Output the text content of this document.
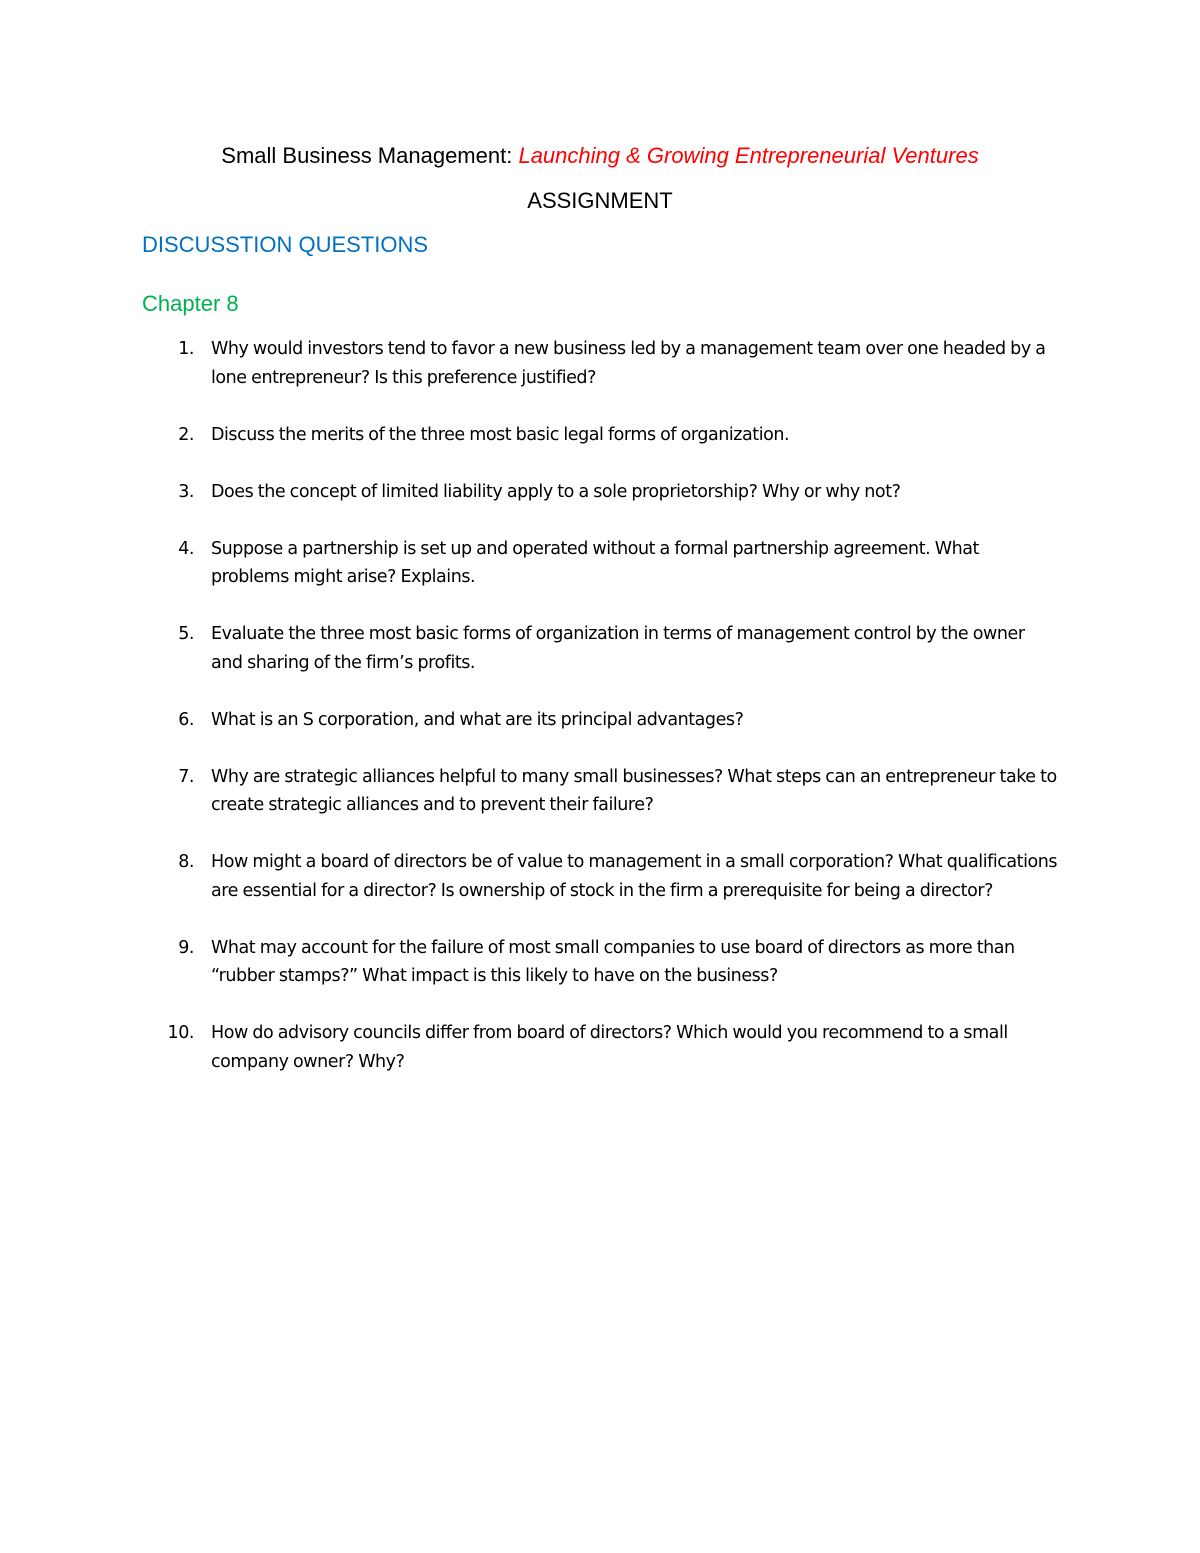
Small Business Management: Launching & Growing Entrepreneurial Ventures
ASSIGNMENT
DISCUSSTION QUESTIONS
Chapter 8
1. Why would investors tend to favor a new business led by a management team over one headed by a lone entrepreneur? Is this preference justified?
2. Discuss the merits of the three most basic legal forms of organization.
3. Does the concept of limited liability apply to a sole proprietorship? Why or why not?
4. Suppose a partnership is set up and operated without a formal partnership agreement. What problems might arise? Explains.
5. Evaluate the three most basic forms of organization in terms of management control by the owner and sharing of the firm’s profits.
6. What is an S corporation, and what are its principal advantages?
7. Why are strategic alliances helpful to many small businesses? What steps can an entrepreneur take to create strategic alliances and to prevent their failure?
8. How might a board of directors be of value to management in a small corporation? What qualifications are essential for a director? Is ownership of stock in the firm a prerequisite for being a director?
9. What may account for the failure of most small companies to use board of directors as more than “rubber stamps?” What impact is this likely to have on the business?
10. How do advisory councils differ from board of directors? Which would you recommend to a small company owner? Why?
